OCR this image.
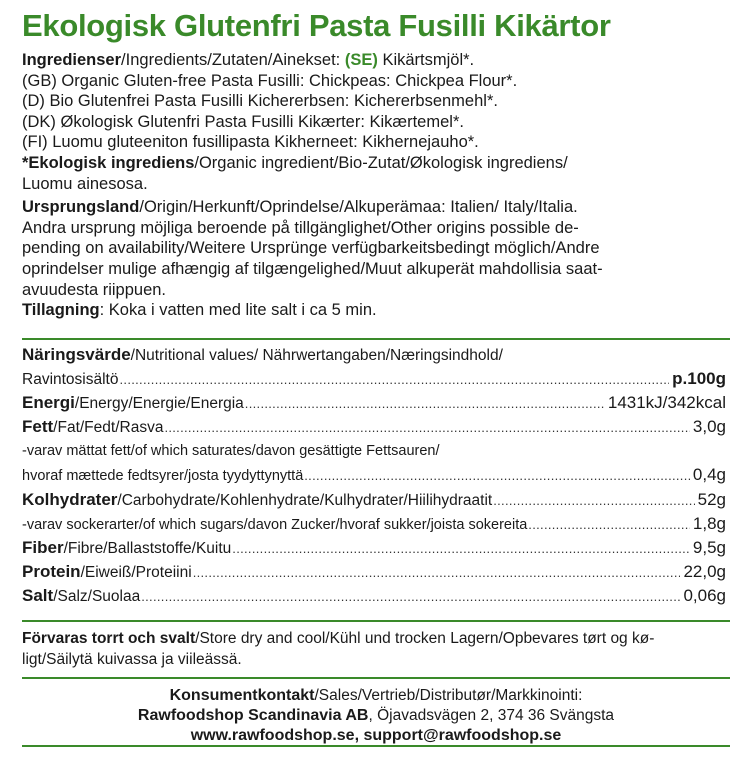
Ekologisk Glutenfri Pasta Fusilli Kikärtor

Ingredienser/Ingredients/Zutaten/Ainekset: (SE) Kikärtsmjöl*.

(GB) Organic Gluten-free Pasta Fusilli: Chickpeas: Chickpea Flour*.

(D) Bio Glutenfrei Pasta Fusilli Kichererbsen: Kichererbsenmehl*.

(DK) Økologisk Glutenfri Pasta Fusilli Kikærter: Kikærtemel*.

(FI) Luomu gluteeniton fusillipasta Kikherneet: Kikhernejauho*.

*Ekologisk ingrediens/Organic ingredient/Bio-Zutat/Økologisk ingrediens/

Luomu ainesosa.

Ursprungsland/Origin/Herkunft/Oprindelse/Alkuperämaa: Italien/ Italy/Italia.

Andra ursprung möjliga beroende på tillgänglighet/Other origins possible de-

pending on availability/Weitere Ursprünge verfügbarkeitsbedingt möglich/Andre

oprindelser mulige afhængig af tilgængelighed/Muut alkuperät mahdollisia saat-

avuudesta riippuen.

Tillagning: Koka i vatten med lite salt i ca 5 min.

Näringsvärde/Nutritional values/ Nährwertangaben/Næringsindhold/
Ravintosisältö .....	p.100g
Energi/Energy/Energie/Energia .....	1431kJ/342kcal
Fett/Fat/Fedt/Rasva .....	3,0g
-varav mättat fett/of which saturates/davon gesättigte Fettsauren/
hvoraf mættede fedtsyrer/josta tyydyttynyttä .....	0,4g
Kolhydrater/Carbohydrate/Kohlenhydrate/Kulhydrater/Hiilihydraatit .....	52g
-varav sockerarter/of which sugars/davon Zucker/hvoraf sukker/joista sokereita .....	1,8g
Fiber/Fibre/Ballaststoffe/Kuitu .....	9,5g
Protein/Eiweiß/Proteiini .....	22,0g
Salt/Salz/Suolaa .....	0,06g
Förvaras torrt och svalt/Store dry and cool/Kühl und trocken Lagern/Opbevares tørt og kø-
ligt/Säilytä kuivassa ja viileässä.
Konsumentkontakt/Sales/Vertrieb/Distributør/Markkinointi:
Rawfoodshop Scandinavia AB, Öjavadsvägen 2, 374 36 Svängsta
www.rawfoodshop.se, support@rawfoodshop.se
